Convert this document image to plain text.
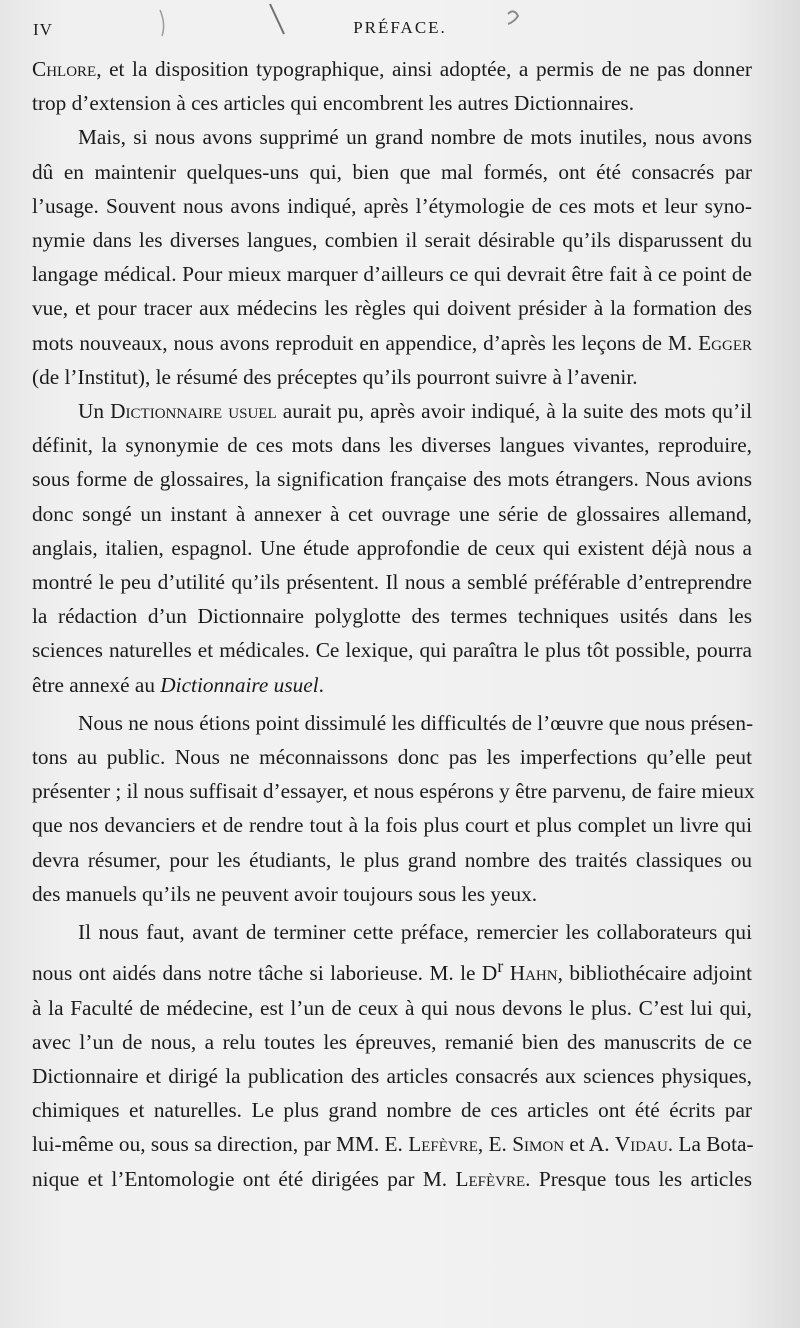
IV	PRÉFACE.

Chlore, et la disposition typographique, ainsi adoptée, a permis de ne pas donner
trop d’extension à ces articles qui encombrent les autres Dictionnaires.

Mais, si nous avons supprimé un grand nombre de mots inutiles, nous avons
dû en maintenir quelques-uns qui, bien que mal formés, ont été consacrés par
l’usage. Souvent nous avons indiqué, après l’étymologie de ces mots et leur syno-
nymie dans les diverses langues, combien il serait désirable qu’ils disparussent du
langage médical. Pour mieux marquer d’ailleurs ce qui devrait être fait à ce point de
vue, et pour tracer aux médecins les règles qui doivent présider à la formation des
mots nouveaux, nous avons reproduit en appendice, d’après les leçons de M. Egger
(de l’Institut), le résumé des préceptes qu’ils pourront suivre à l’avenir.

Un Dictionnaire usuel aurait pu, après avoir indiqué, à la suite des mots qu’il
définit, la synonymie de ces mots dans les diverses langues vivantes, reproduire,
sous forme de glossaires, la signification française des mots étrangers. Nous avions
donc songé un instant à annexer à cet ouvrage une série de glossaires allemand,
anglais, italien, espagnol. Une étude approfondie de ceux qui existent déjà nous a
montré le peu d’utilité qu’ils présentent. Il nous a semblé préférable d’entreprendre
la rédaction d’un Dictionnaire polyglotte des termes techniques usités dans les
sciences naturelles et médicales. Ce lexique, qui paraîtra le plus tôt possible, pourra
être annexé au Dictionnaire usuel.

Nous ne nous étions point dissimulé les difficultés de l’œuvre que nous présen-
tons au public. Nous ne méconnaissons donc pas les imperfections qu’elle peut
présenter ; il nous suffisait d’essayer, et nous espérons y être parvenu, de faire mieux
que nos devanciers et de rendre tout à la fois plus court et plus complet un livre qui
devra résumer, pour les étudiants, le plus grand nombre des traités classiques ou
des manuels qu’ils ne peuvent avoir toujours sous les yeux.

Il nous faut, avant de terminer cette préface, remercier les collaborateurs qui
nous ont aidés dans notre tâche si laborieuse. M. le $D^r$ Hahn, bibliothécaire adjoint
à la Faculté de médecine, est l’un de ceux à qui nous devons le plus. C’est lui qui,
avec l’un de nous, a relu toutes les épreuves, remanié bien des manuscrits de ce
Dictionnaire et dirigé la publication des articles consacrés aux sciences physiques,
chimiques et naturelles. Le plus grand nombre de ces articles ont été écrits par
lui-même ou, sous sa direction, par MM. E. Lefèvre, E. Simon et A. Vidau. La Bota-
nique et l’Entomologie ont été dirigées par M. Lefèvre. Presque tous les articles
